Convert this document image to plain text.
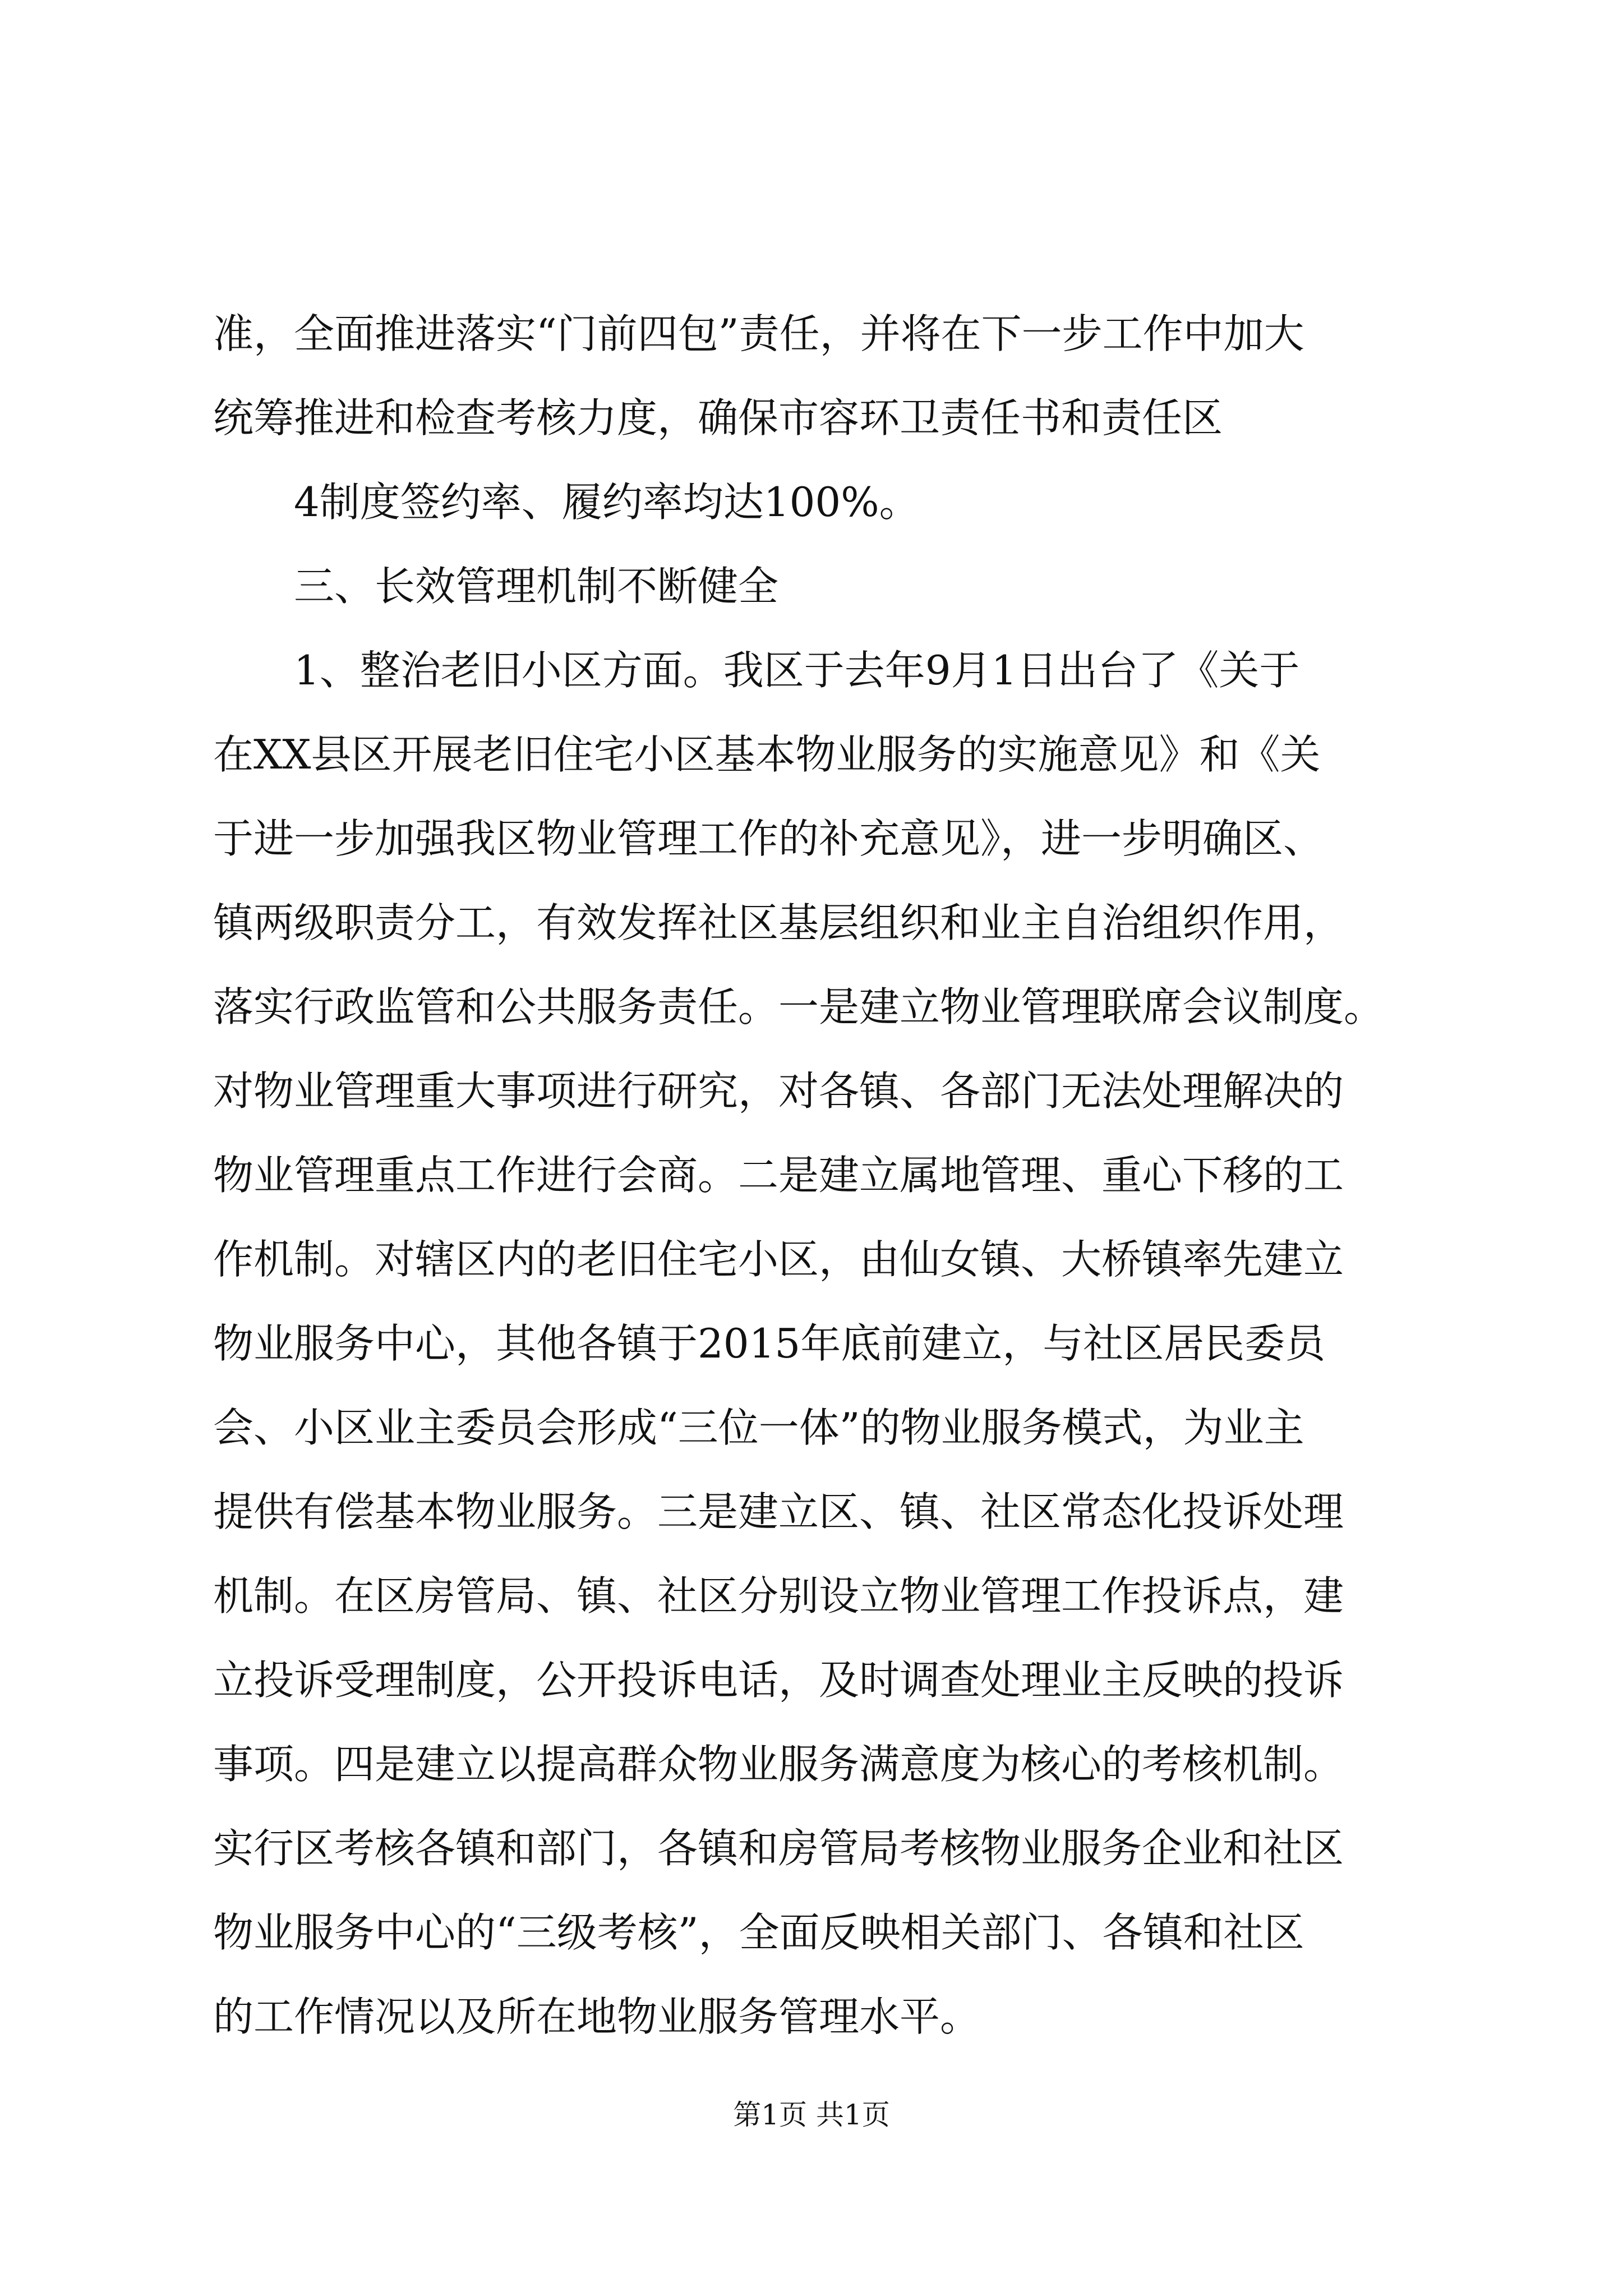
准，全面推进落实“门前四包”责任，并将在下一步工作中加大
统筹推进和检查考核力度，确保市容环卫责任书和责任区
　　4制度签约率、履约率均达100%。
　　三、长效管理机制不断健全
　　1、整治老旧小区方面。我区于去年9月1日出台了《关于
在XX县区开展老旧住宅小区基本物业服务的实施意见》和《关
于进一步加强我区物业管理工作的补充意见》，进一步明确区、
镇两级职责分工，有效发挥社区基层组织和业主自治组织作用，
落实行政监管和公共服务责任。一是建立物业管理联席会议制度。
对物业管理重大事项进行研究，对各镇、各部门无法处理解决的
物业管理重点工作进行会商。二是建立属地管理、重心下移的工
作机制。对辖区内的老旧住宅小区，由仙女镇、大桥镇率先建立
物业服务中心，其他各镇于2015年底前建立，与社区居民委员
会、小区业主委员会形成“三位一体”的物业服务模式，为业主
提供有偿基本物业服务。三是建立区、镇、社区常态化投诉处理
机制。在区房管局、镇、社区分别设立物业管理工作投诉点，建
立投诉受理制度，公开投诉电话，及时调查处理业主反映的投诉
事项。四是建立以提高群众物业服务满意度为核心的考核机制。
实行区考核各镇和部门，各镇和房管局考核物业服务企业和社区
物业服务中心的“三级考核”，全面反映相关部门、各镇和社区
的工作情况以及所在地物业服务管理水平。
第1页 共1页
